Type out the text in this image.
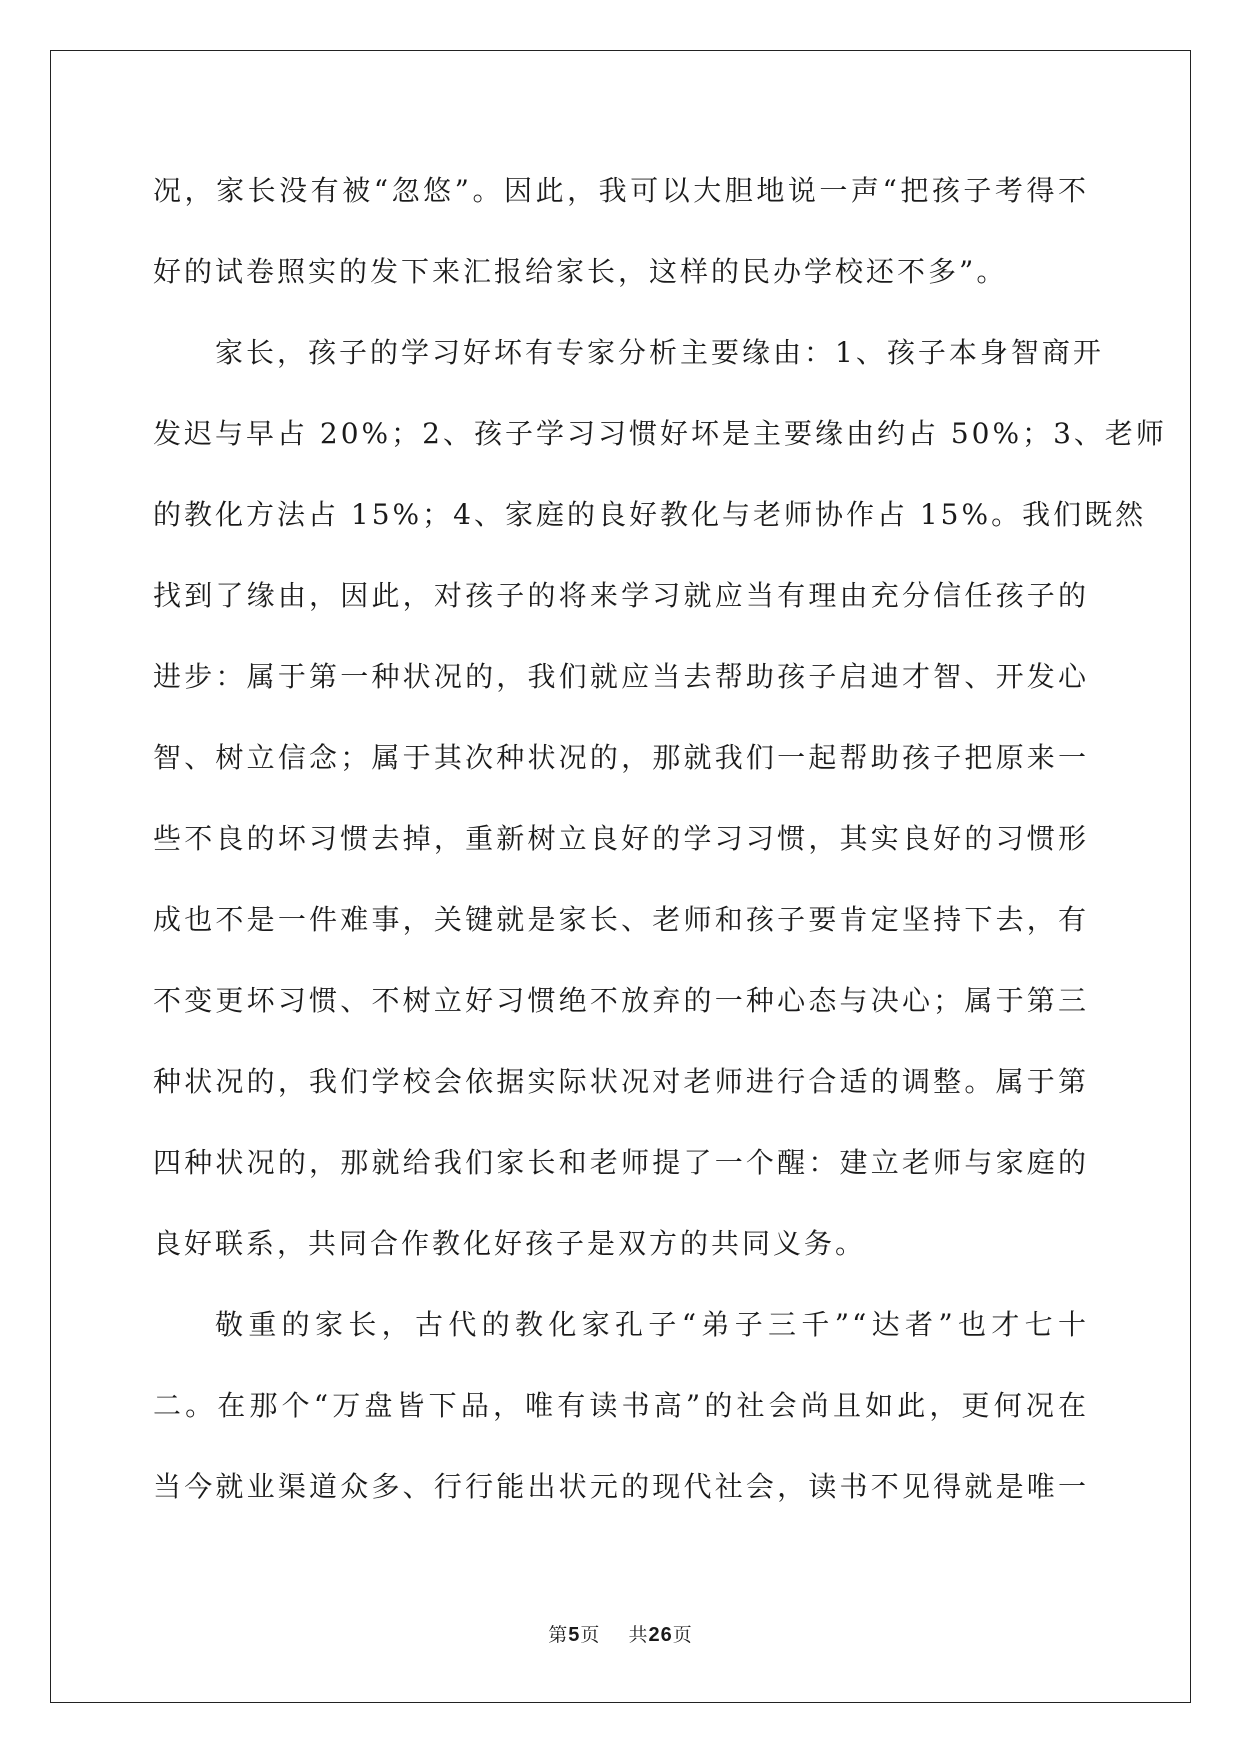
况，家长没有被“忽悠”。因此，我可以大胆地说一声“把孩子考得不
好的试卷照实的发下来汇报给家长，这样的民办学校还不多”。
家长，孩子的学习好坏有专家分析主要缘由：1、孩子本身智商开
发迟与早占 20%；2、孩子学习习惯好坏是主要缘由约占 50%；3、老师
的教化方法占 15%；4、家庭的良好教化与老师协作占 15%。我们既然
找到了缘由，因此，对孩子的将来学习就应当有理由充分信任孩子的
进步：属于第一种状况的，我们就应当去帮助孩子启迪才智、开发心
智、树立信念；属于其次种状况的，那就我们一起帮助孩子把原来一
些不良的坏习惯去掉，重新树立良好的学习习惯，其实良好的习惯形
成也不是一件难事，关键就是家长、老师和孩子要肯定坚持下去，有
不变更坏习惯、不树立好习惯绝不放弃的一种心态与决心；属于第三
种状况的，我们学校会依据实际状况对老师进行合适的调整。属于第
四种状况的，那就给我们家长和老师提了一个醒：建立老师与家庭的
良好联系，共同合作教化好孩子是双方的共同义务。
敬重的家长，古代的教化家孔子“弟子三千”“达者”也才七十
二。在那个“万盘皆下品，唯有读书高”的社会尚且如此，更何况在
当今就业渠道众多、行行能出状元的现代社会，读书不见得就是唯一
第5页 共26页
